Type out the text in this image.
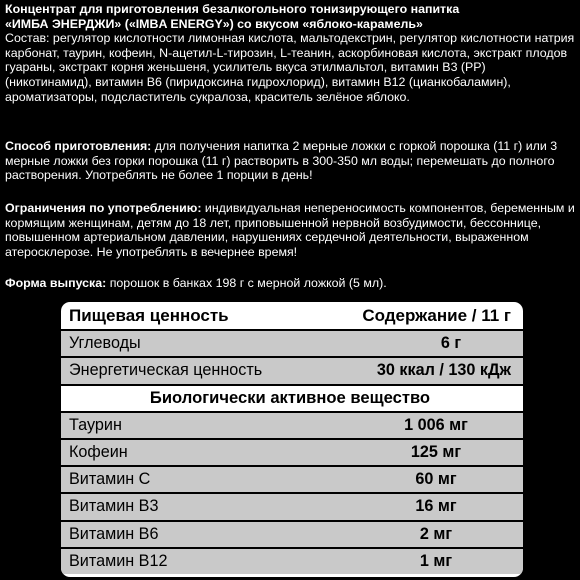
Концентрат для приготовления безалкогольного тонизирующего напитка
«ИМБА ЭНЕРДЖИ» («IMBA ENERGY») со вкусом «яблоко-карамель»
Состав: регулятор кислотности лимонная кислота, мальтодекстрин, регулятор кислотности натрия карбонат, таурин, кофеин, N-ацетил-L-тирозин, L-теанин, аскорбиновая кислота, экстракт плодов гуараны, экстракт корня женьшеня, усилитель вкуса этилмальтол, витамин B3 (PP) (никотинамид), витамин B6 (пиридоксина гидрохлорид), витамин B12 (цианкобаламин), ароматизаторы, подсластитель сукралоза, краситель зелёное яблоко.
Способ приготовления: для получения напитка 2 мерные ложки с горкой порошка (11 г) или 3 мерные ложки без горки порошка (11 г) растворить в 300-350 мл воды; перемешать до полного растворения. Употреблять не более 1 порции в день!
Ограничения по употреблению: индивидуальная непереносимость компонентов, беременным и кормящим женщинам, детям до 18 лет, приповышенной нервной возбудимости, бессоннице, повышенном артериальном давлении, нарушениях сердечной деятельности, выраженном атеросклерозе. Не употреблять в вечернее время!
Форма выпуска: порошок в банках 198 г с мерной ложкой (5 мл).
Пищевая ценность	Содержание / 11 г
Углеводы	6 г
Энергетическая ценность	30 ккал / 130 кДж
Биологически активное вещество
Таурин	1 006 мг
Кофеин	125 мг
Витамин С	60 мг
Витамин В3	16 мг
Витамин В6	2 мг
Витамин В12	1 мг
